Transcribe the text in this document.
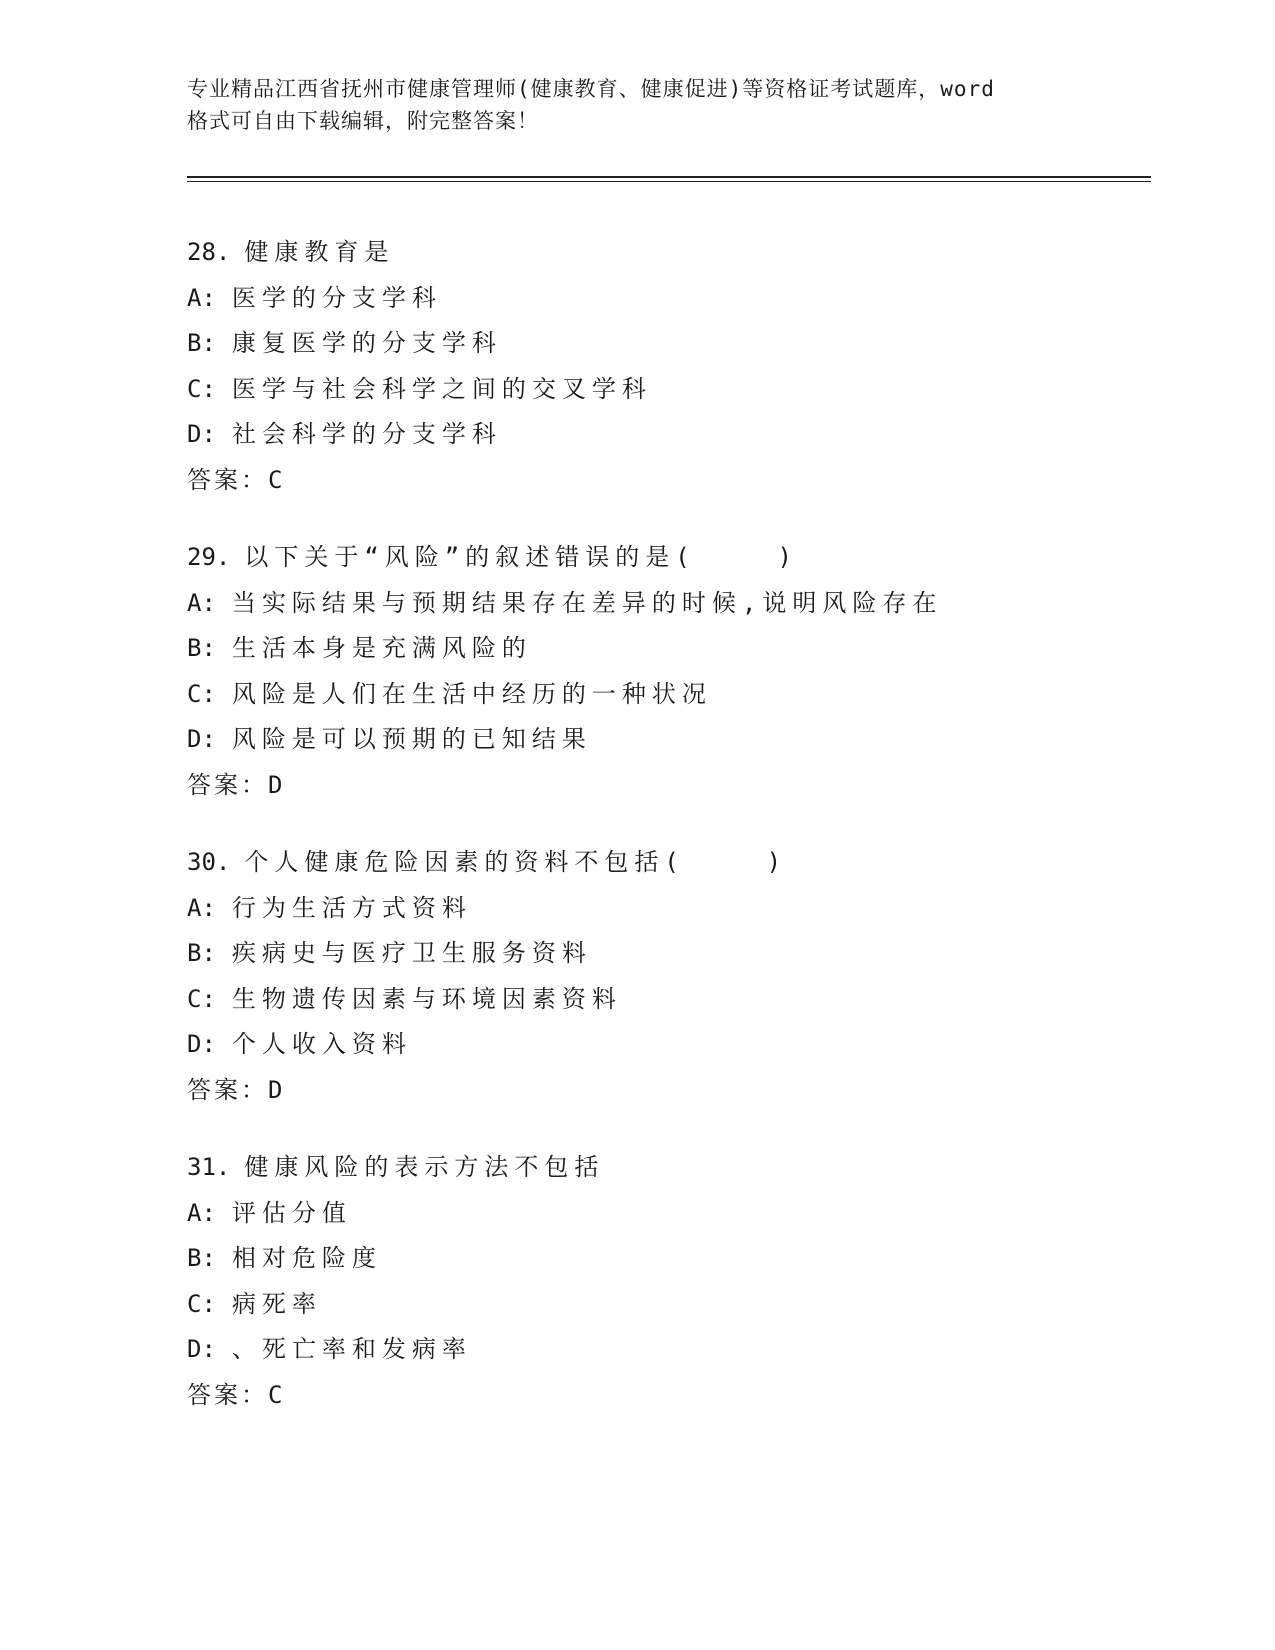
专业精品江西省抚州市健康管理师(健康教育、健康促进)等资格证考试题库，word
格式可自由下载编辑，附完整答案！
28. 健康教育是
A: 医学的分支学科
B: 康复医学的分支学科
C: 医学与社会科学之间的交叉学科
D: 社会科学的分支学科
答案：C
29. 以下关于“风险”的叙述错误的是(    )
A: 当实际结果与预期结果存在差异的时候,说明风险存在
B: 生活本身是充满风险的
C: 风险是人们在生活中经历的一种状况
D: 风险是可以预期的已知结果
答案：D
30. 个人健康危险因素的资料不包括(    )
A: 行为生活方式资料
B: 疾病史与医疗卫生服务资料
C: 生物遗传因素与环境因素资料
D: 个人收入资料
答案：D
31. 健康风险的表示方法不包括
A: 评估分值
B: 相对危险度
C: 病死率
D: 、死亡率和发病率
答案：C
